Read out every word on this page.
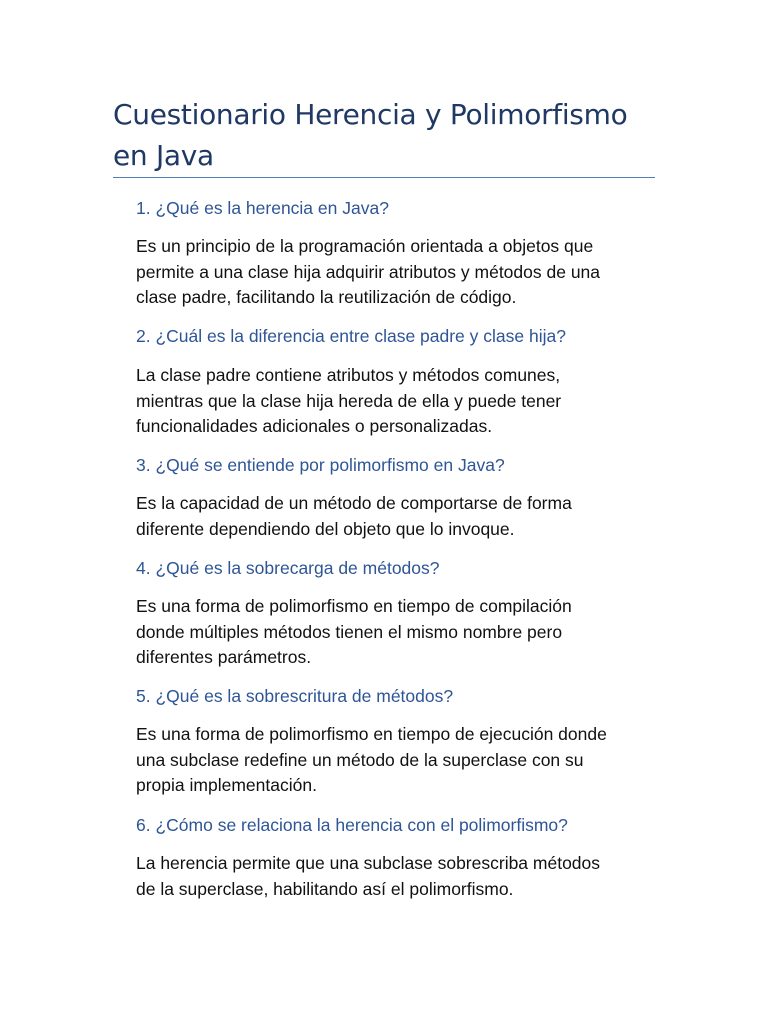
Cuestionario Herencia y Polimorfismo en Java

1. ¿Qué es la herencia en Java?

Es un principio de la programación orientada a objetos que
permite a una clase hija adquirir atributos y métodos de una
clase padre, facilitando la reutilización de código.

2. ¿Cuál es la diferencia entre clase padre y clase hija?

La clase padre contiene atributos y métodos comunes,
mientras que la clase hija hereda de ella y puede tener
funcionalidades adicionales o personalizadas.

3. ¿Qué se entiende por polimorfismo en Java?

Es la capacidad de un método de comportarse de forma
diferente dependiendo del objeto que lo invoque.

4. ¿Qué es la sobrecarga de métodos?

Es una forma de polimorfismo en tiempo de compilación
donde múltiples métodos tienen el mismo nombre pero
diferentes parámetros.

5. ¿Qué es la sobrescritura de métodos?

Es una forma de polimorfismo en tiempo de ejecución donde
una subclase redefine un método de la superclase con su
propia implementación.

6. ¿Cómo se relaciona la herencia con el polimorfismo?

La herencia permite que una subclase sobrescriba métodos
de la superclase, habilitando así el polimorfismo.
